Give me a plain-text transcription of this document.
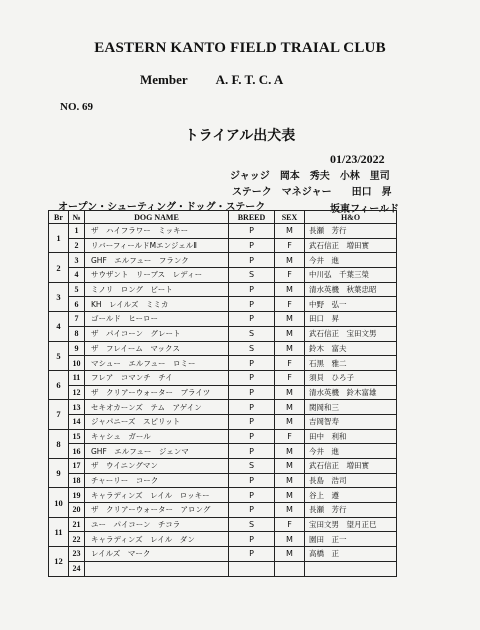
EASTERN KANTO FIELD TRAIAL CLUB
Member A. F. T. C. A
NO. 69
トライアル出犬表
01/23/2022
ジャッジ 岡本　秀夫 小林　里司
ステーク　マネジャー 田口　昇
オープン・シューティング・ドッグ・ステーク	坂東フィールド
Br	№	DOG NAME	BREED	SEX	H&O
1	1	ザ　ハイフラワー　ミッキー	P	M	長瀬　芳行
	2	リバーフィールドMエンジェルⅡ	P	F	武石信正　増田實
2	3	GHF　エルフュー　フランク	P	M	今井　進
	4	サウザント　リーブス　レディー	S	F	中川弘　千葉三榮
3	5	ミノリ　ロング　ビート	P	M	清水英機　秋葉忠昭
	6	KH　レイルズ　ミミカ	P	F	中野　弘一
4	7	ゴールド　ヒーロー	P	M	田口　昇
	8	ザ　パイコーン　グレート	S	M	武石信正　宝田文男
5	9	ザ　フレイーム　マックス	S	M	鈴木　富夫
	10	マシュー　エルフュー　ロミー	P	F	石黒　雅二
6	11	フレア　コマンチ　チイ	P	F	須貝　ひろ子
	12	ザ　クリアーウォーター　ブライツ	P	M	清水英機　鈴木富雄
7	13	セキオカーンズ　テム　アゲイン	P	M	関岡和三
	14	ジャパニーズ　スピリット	P	M	吉岡智寿
8	15	キャシュ　ガール	P	F	田中　利和
	16	GHF　エルフュー　ジェンマ	P	M	今井　進
9	17	ザ　ウイニングマン	S	M	武石信正　増田實
	18	チャーリー　コーク	P	M	長島　浩司
10	19	キャラディンズ　レイル　ロッキー	P	M	谷上　遵
	20	ザ　クリアーウォーター　アロング	P	M	長瀬　芳行
11	21	ユー　パイコーン　チコラ	S	F	宝田文男　望月正巳
	22	キャラディンズ　レイル　ダン	P	M	園田　正一
12	23	レイルズ　マーク	P	M	高橋　正
	24				
